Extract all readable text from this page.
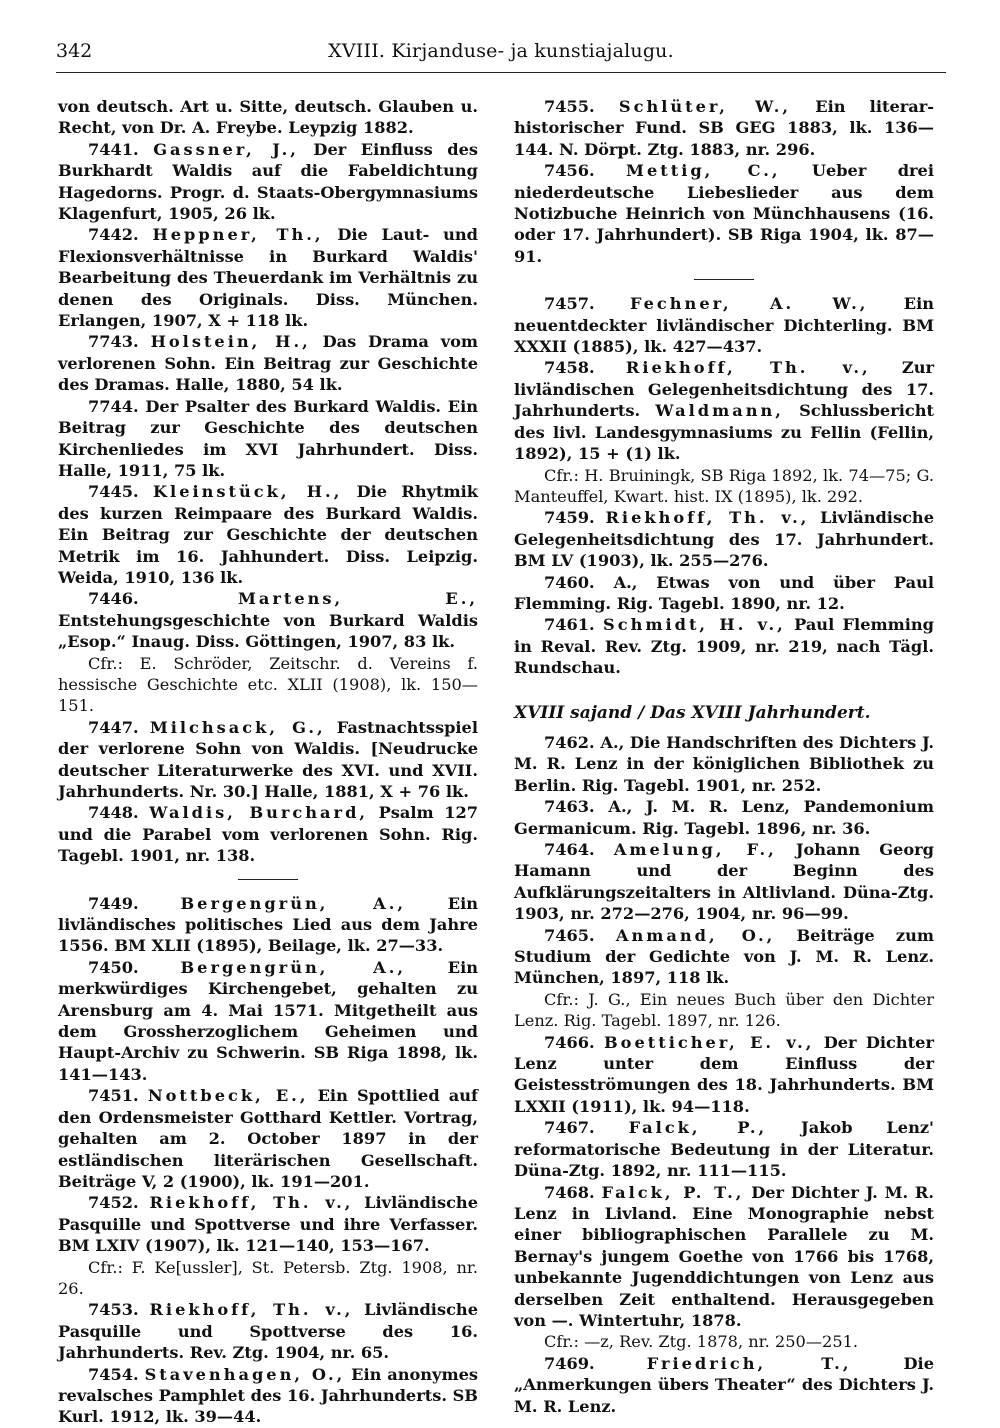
342	XVIII. Kirjanduse- ja kunstiajalugu.

von deutsch. Art u. Sitte, deutsch. Glauben u. Recht, von Dr. A. Freybe. Leypzig 1882.

7441. Gassner, J., Der Einfluss des Burkhardt Waldis auf die Fabeldichtung Hagedorns. Progr. d. Staats-Obergymnasiums Klagenfurt, 1905, 26 lk.

7442. Heppner, Th., Die Laut- und Flexionsverhältnisse in Burkard Waldis' Bearbeitung des Theuerdank im Verhältnis zu denen des Originals. Diss. München. Erlangen, 1907, X + 118 lk.

7743. Holstein, H., Das Drama vom verlorenen Sohn. Ein Beitrag zur Geschichte des Dramas. Halle, 1880, 54 lk.

7744. Der Psalter des Burkard Waldis. Ein Beitrag zur Geschichte des deutschen Kirchenliedes im XVI Jahrhundert. Diss. Halle, 1911, 75 lk.

7445. Kleinstück, H., Die Rhytmik des kurzen Reimpaare des Burkard Waldis. Ein Beitrag zur Geschichte der deutschen Metrik im 16. Jahhundert. Diss. Leipzig. Weida, 1910, 136 lk.

7446.	Martens, E., Entstehungsgeschichte von Burkard Waldis „Esop.“ Inaug. Diss. Göttingen, 1907, 83 lk.
Cfr.: E. Schröder, Zeitschr. d. Vereins f. hessische Geschichte etc. XLII (1908), lk. 150—151.

7447. Milchsack, G., Fastnachtsspiel der verlorene Sohn von Waldis. [Neudrucke deutscher Literaturwerke des XVI. und XVII. Jahrhunderts. Nr. 30.] Halle, 1881, X + 76 lk.

7448. Waldis, Burchard, Psalm 127 und die Parabel vom verlorenen Sohn. Rig. Tagebl. 1901, nr. 138.

7449.	Bergengrün, A.,	Ein livländisches politisches Lied aus dem Jahre 1556. BM XLII (1895), Beilage, lk. 27—33.

7450.	Bergengrün, A.,	Ein merkwürdiges Kirchengebet, gehalten zu Arensburg am 4. Mai 1571. Mitgetheilt aus dem Grossherzoglichem Geheimen und Haupt-Archiv zu Schwerin. SB Riga 1898, lk. 141—143.

7451. Nottbeck, E., Ein Spottlied auf den Ordensmeister Gotthard Kettler. Vortrag, gehalten am 2. October 1897 in der estländischen literärischen Gesellschaft. Beiträge V, 2 (1900), lk. 191—201.

7452. Riekhoff, Th. v., Livländische Pasquille und Spottverse und ihre Verfasser. BM LXIV (1907), lk. 121—140, 153—167.
Cfr.: F. Ke[ussler], St. Petersb. Ztg. 1908, nr. 26.

7453. Riekhoff, Th. v., Livländische Pasquille und Spottverse des 16. Jahrhunderts. Rev. Ztg. 1904, nr. 65.

7454. Stavenhagen, O., Ein anonymes revalsches Pamphlet des 16. Jahrhunderts. SB Kurl. 1912, lk. 39—44.

7455. Schlüter, W., Ein literar-historischer Fund. SB GEG 1883, lk. 136—144. N. Dörpt. Ztg. 1883, nr. 296.

7456. Mettig, C., Ueber drei niederdeutsche Liebeslieder aus dem Notizbuche Heinrich von Münchhausens (16. oder 17. Jahrhundert). SB Riga 1904, lk. 87—91.

7457. Fechner, A. W., Ein neuentdeckter livländischer Dichterling. BM XXXII (1885), lk. 427—437.

7458. Riekhoff, Th. v., Zur livländischen Gelegenheitsdichtung des 17. Jahrhunderts. Waldmann, Schlussbericht des livl. Landesgymnasiums zu Fellin (Fellin, 1892), 15 + (1) lk.
Cfr.: H. Bruiningk, SB Riga 1892, lk. 74—75; G. Manteuffel, Kwart. hist. IX (1895), lk. 292.

7459. Riekhoff, Th. v., Livländische Gelegenheitsdichtung des 17. Jahrhundert. BM LV (1903), lk. 255—276.

7460. A., Etwas von und über Paul Flemming. Rig. Tagebl. 1890, nr. 12.

7461. Schmidt, H. v., Paul Flemming in Reval. Rev. Ztg. 1909, nr. 219, nach Tägl. Rundschau.

XVIII sajand / Das XVIII Jahrhundert.

7462. A., Die Handschriften des Dichters J. M. R. Lenz in der königlichen Bibliothek zu Berlin. Rig. Tagebl. 1901, nr. 252.

7463. A., J. M. R. Lenz, Pandemonium Germanicum. Rig. Tagebl. 1896, nr. 36.

7464. Amelung, F., Johann Georg Hamann und der Beginn des Aufklärungszeitalters in Altlivland. Düna-Ztg. 1903, nr. 272—276, 1904, nr. 96—99.

7465. Anmand, O., Beiträge zum Studium der Gedichte von J. M. R. Lenz. München, 1897, 118 lk.
Cfr.: J. G., Ein neues Buch über den Dichter Lenz. Rig. Tagebl. 1897, nr. 126.

7466. Boetticher, E. v., Der Dichter Lenz unter dem Einfluss der Geistesströmungen des 18. Jahrhunderts. BM LXXII (1911), lk. 94—118.

7467. Falck, P., Jakob Lenz' reformatorische Bedeutung in der Literatur. Düna-Ztg. 1892, nr. 111—115.

7468. Falck, P. T., Der Dichter J. M. R. Lenz in Livland. Eine Monographie nebst einer bibliographischen Parallele zu M. Bernay's jungem Goethe von 1766 bis 1768, unbekannte Jugenddichtungen von Lenz aus derselben Zeit enthaltend. Herausgegeben von —. Wintertuhr, 1878.
Cfr.: —z, Rev. Ztg. 1878, nr. 250—251.

7469.	Friedrich, T.,	Die „Anmerkungen übers Theater“ des Dichters J. M. R. Lenz.
